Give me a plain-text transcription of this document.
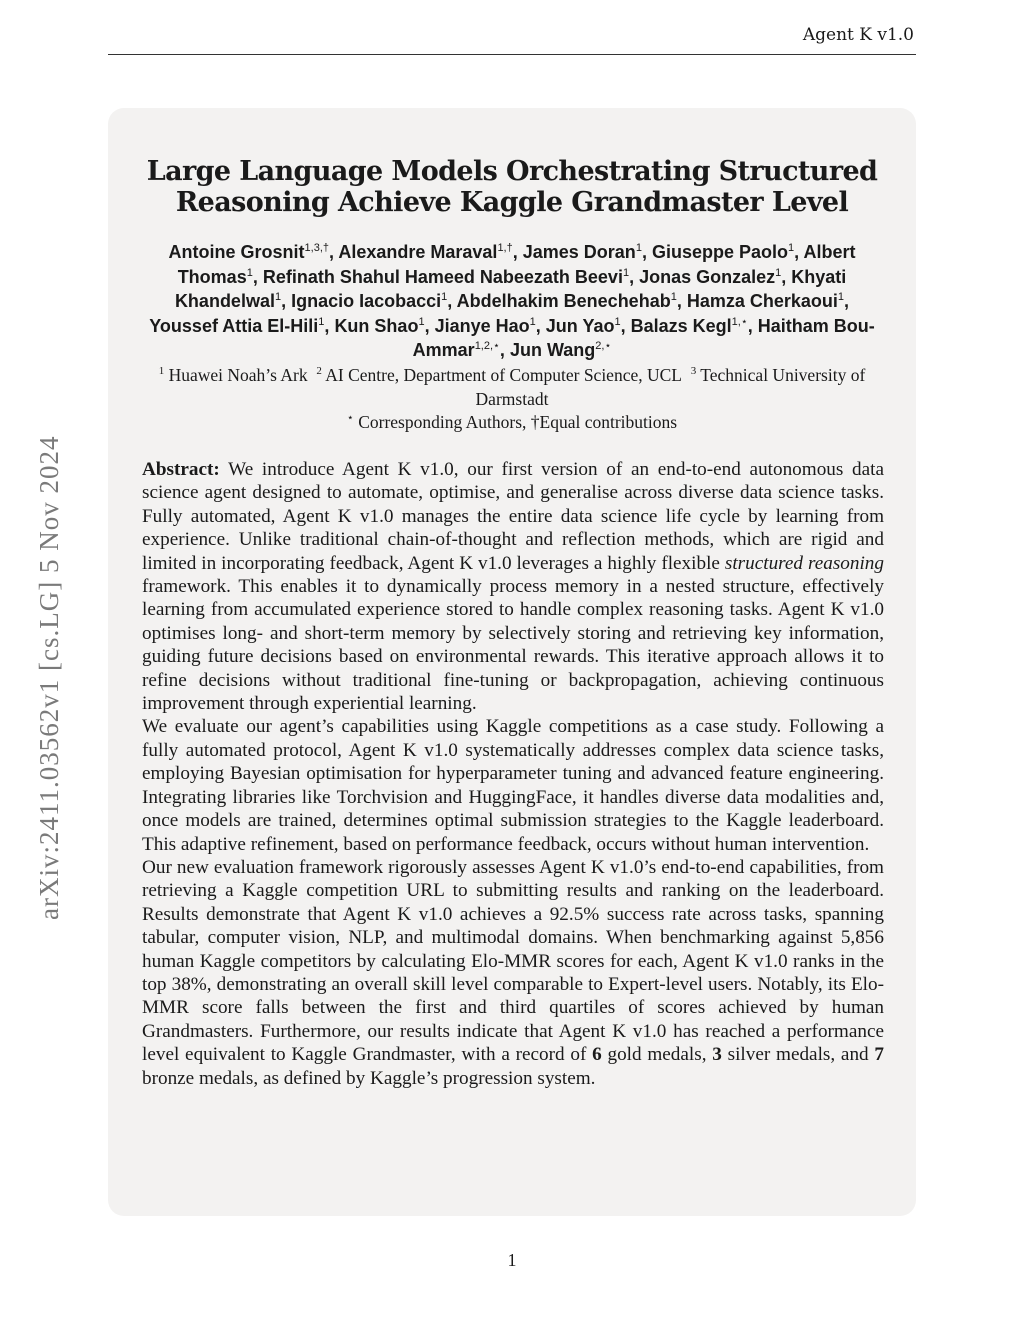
Agent K v1.0
arXiv:2411.03562v1 [cs.LG] 5 Nov 2024
Large Language Models Orchestrating Structured
Reasoning Achieve Kaggle Grandmaster Level
Antoine Grosnit$^{1,3,\dagger}$, Alexandre Maraval$^{1,\dagger}$, James Doran$^1$, Giuseppe Paolo$^1$, Albert Thomas$^1$, Refinath Shahul Hameed Nabeezath Beevi$^1$, Jonas Gonzalez$^1$, Khyati Khandelwal$^1$, Ignacio Iacobacci$^1$, Abdelhakim Benechehab$^1$, Hamza Cherkaoui$^1$, Youssef Attia El-Hili$^1$, Kun Shao$^1$, Jianye Hao$^1$, Jun Yao$^1$, Balazs Kegl$^{1,⋆}$, Haitham Bou-Ammar$^{1,2,⋆}$, Jun Wang$^{2,⋆}$
$^1$ Huawei Noah’s Ark $^2$ AI Centre, Department of Computer Science, UCL $^3$ Technical University of Darmstadt
⋆ Corresponding Authors, †Equal contributions

Abstract: We introduce Agent K v1.0, our first version of an end-to-end autonomous data science agent designed to automate, optimise, and generalise across diverse data science tasks. Fully automated, Agent K v1.0 manages the entire data science life cycle by learning from experience. Unlike traditional chain-of-thought and reflection methods, which are rigid and limited in incorporating feedback, Agent K v1.0 leverages a highly flexible structured reasoning framework. This enables it to dynamically process memory in a nested structure, effectively learning from accumulated experience stored to handle complex reasoning tasks. Agent K v1.0 optimises long- and short-term memory by selectively storing and retrieving key information, guiding future decisions based on environmental rewards. This iterative approach allows it to refine decisions without traditional fine-tuning or backpropagation, achieving continuous improvement through experiential learning.

We evaluate our agent’s capabilities using Kaggle competitions as a case study. Following a fully automated protocol, Agent K v1.0 systematically addresses complex data science tasks, employing Bayesian optimisation for hyperparameter tuning and advanced feature engineering. Integrating libraries like Torchvision and HuggingFace, it handles diverse data modalities and, once models are trained, determines optimal submission strategies to the Kaggle leaderboard. This adaptive refinement, based on performance feedback, occurs without human intervention.

Our new evaluation framework rigorously assesses Agent K v1.0’s end-to-end capabilities, from retrieving a Kaggle competition URL to submitting results and ranking on the leaderboard. Results demonstrate that Agent K v1.0 achieves a 92.5% success rate across tasks, spanning tabular, computer vision, NLP, and multimodal domains. When benchmarking against 5,856 human Kaggle competitors by calculating Elo-MMR scores for each, Agent K v1.0 ranks in the top 38%, demonstrating an overall skill level comparable to Expert-level users. Notably, its Elo-MMR score falls between the first and third quartiles of scores achieved by human Grandmasters. Furthermore, our results indicate that Agent K v1.0 has reached a performance level equivalent to Kaggle Grandmaster, with a record of 6 gold medals, 3 silver medals, and 7 bronze medals, as defined by Kaggle’s progression system.

1
